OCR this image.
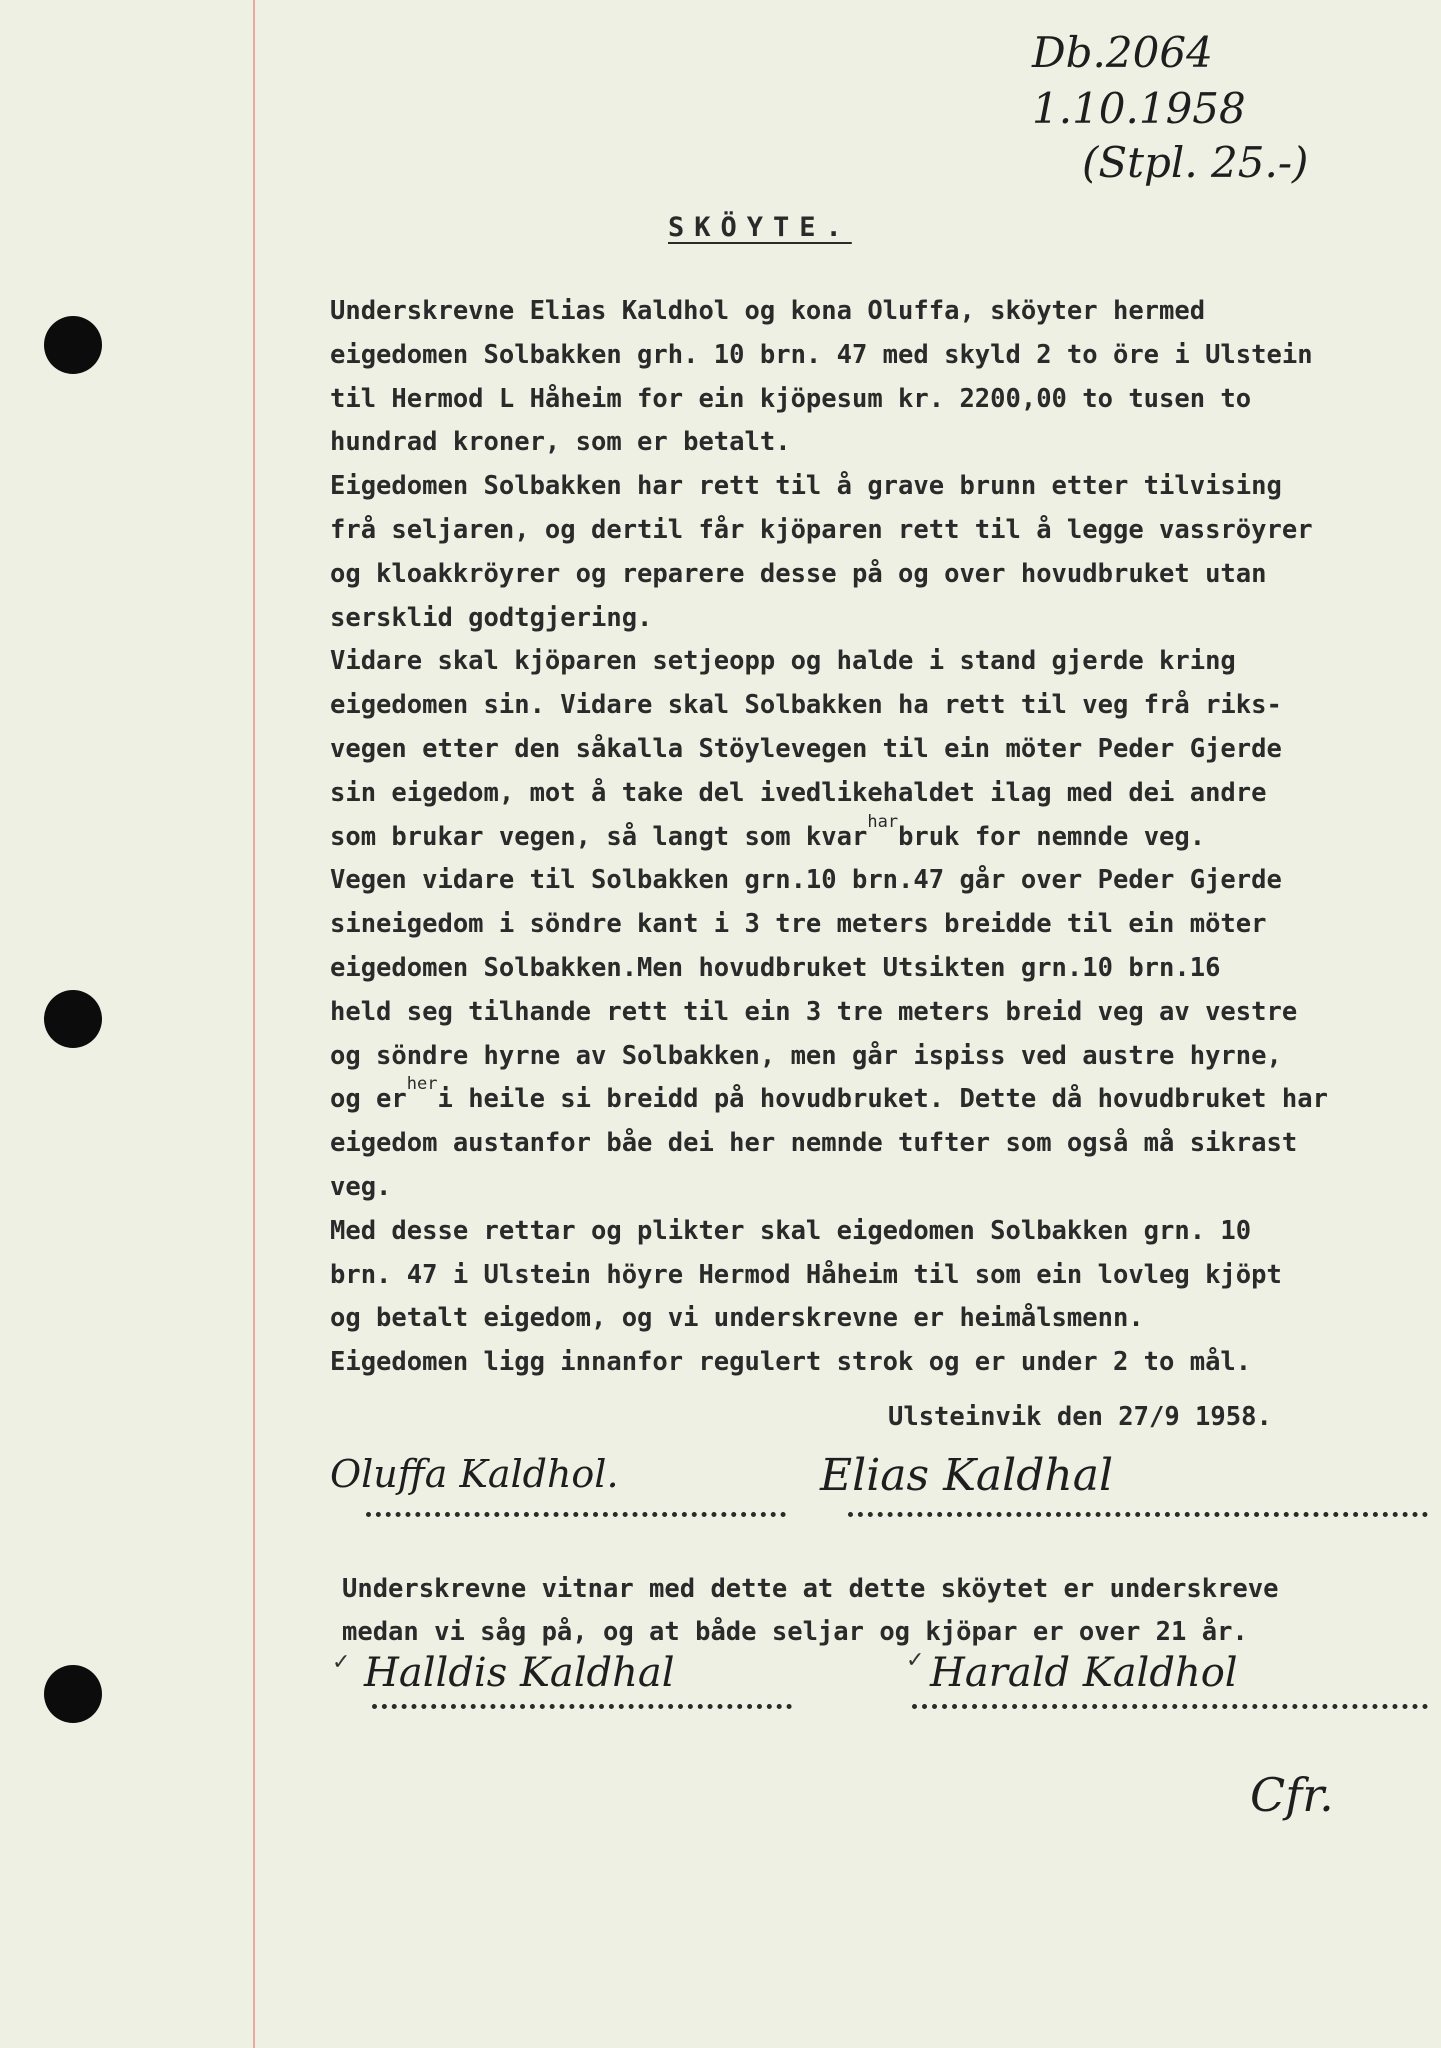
Db.2064
1.10.1958
(Stpl. 25.-)
SKÖYTE.
Underskrevne Elias Kaldhol og kona Oluffa, sköyter hermed
eigedomen Solbakken grh. 10 brn. 47 med skyld 2 to öre i Ulstein
til Hermod L Håheim for ein kjöpesum kr. 2200,00 to tusen to
hundrad kroner, som er betalt.
Eigedomen Solbakken har rett til å grave brunn etter tilvising
frå seljaren, og dertil får kjöparen rett til å legge vassröyrer
og kloakkröyrer og reparere desse på og over hovudbruket utan
sersklid godtgjering.
Vidare skal kjöparen setjeopp og halde i stand gjerde kring
eigedomen sin. Vidare skal Solbakken ha rett til veg frå riks-
vegen etter den såkalla Stöylevegen til ein möter Peder Gjerde
sin eigedom, mot å take del ivedlikehaldet ilag med dei andre
som brukar vegen, så langt som kvar$^{har}$bruk for nemnde veg.
Vegen vidare til Solbakken grn.10 brn.47 går over Peder Gjerde
sineigedom i söndre kant i 3 tre meters breidde til ein möter
eigedomen Solbakken.Men hovudbruket Utsikten grn.10 brn.16
held seg tilhande rett til ein 3 tre meters breid veg av vestre
og söndre hyrne av Solbakken, men går ispiss ved austre hyrne,
og $er^{her}i$ heile si breidd på hovudbruket. Dette då hovudbruket har
eigedom austanfor båe dei her nemnde tufter som også må sikrast
veg.
Med desse rettar og plikter skal eigedomen Solbakken grn. 10
brn. 47 i Ulstein höyre Hermod Håheim til som ein lovleg kjöpt
og betalt eigedom, og vi underskrevne er heimålsmenn.
Eigedomen ligg innanfor regulert strok og er under 2 to mål.
Ulsteinvik den 27/9 1958.
Oluffa Kaldhol.	Elias Kaldhal
Underskrevne vitnar med dette at dette sköytet er underskreve
medan vi såg på, og at både seljar og kjöpar er over 21 år.
✓	✓
Halldis Kaldhal	Harald Kaldhol
Cfr.
